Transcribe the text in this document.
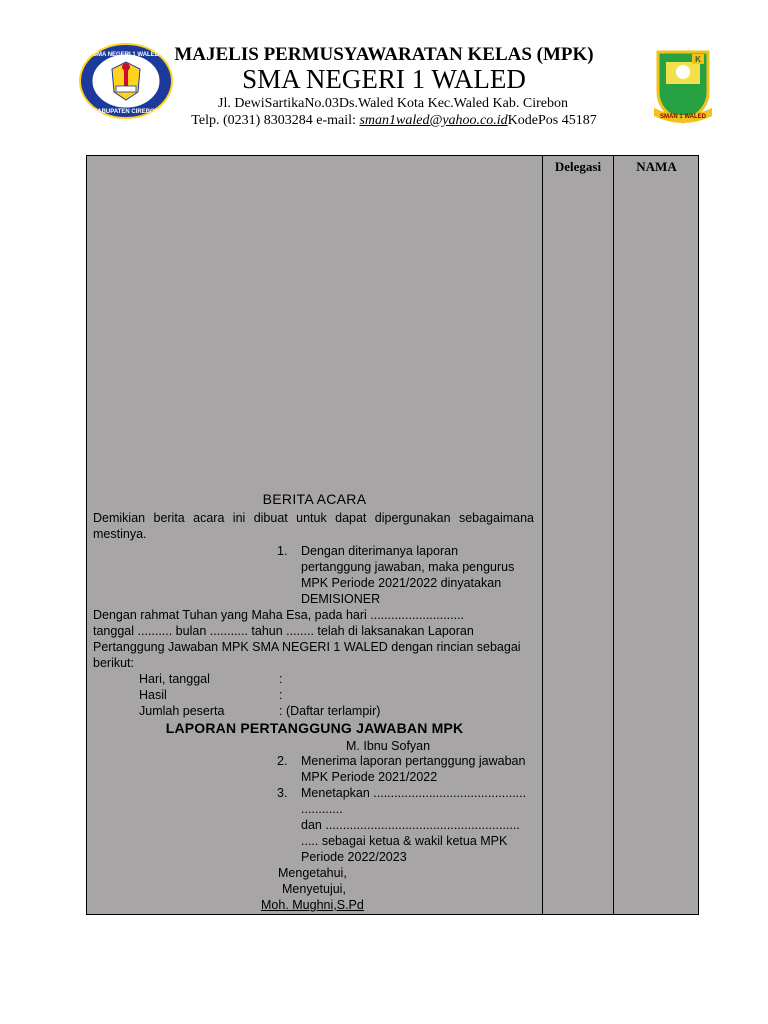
SMA NEGERI 1 WALED
KABUPATEN CIREBON
K
SMAN 1 WALED
MAJELIS PERMUSYAWARATAN KELAS (MPK)
SMA NEGERI 1 WALED
Jl. DewiSartikaNo.03Ds.Waled Kota Kec.Waled Kab. Cirebon
Telp. (0231) 8303284 e-mail: sman1waled@yahoo.co.idKodePos 45187
Delegasi	NAMA
BERITA ACARA
Demikian berita acara ini dibuat untuk dapat dipergunakan sebagaimana mestinya.
1. Dengan diterimanya laporan
pertanggung jawaban, maka pengurus
MPK Periode 2021/2022 dinyatakan
DEMISIONER
Dengan rahmat Tuhan yang Maha Esa, pada hari ...........................
tanggal .......... bulan ........... tahun ........ telah di laksanakan Laporan
Pertanggung Jawaban MPK SMA NEGERI 1 WALED dengan rincian sebagai
berikut:
Hari, tanggal	:
Hasil	:
Jumlah peserta	: (Daftar terlampir)
LAPORAN PERTANGGUNG JAWABAN MPK
M. Ibnu Sofyan
2. Menerima laporan pertanggung jawaban
MPK Periode 2021/2022
3. Menetapkan ............................................
............
dan ........................................................
..... sebagai ketua & wakil ketua MPK
Periode 2022/2023
Mengetahui,
Menyetujui,
Moh. Mughni,S.Pd
